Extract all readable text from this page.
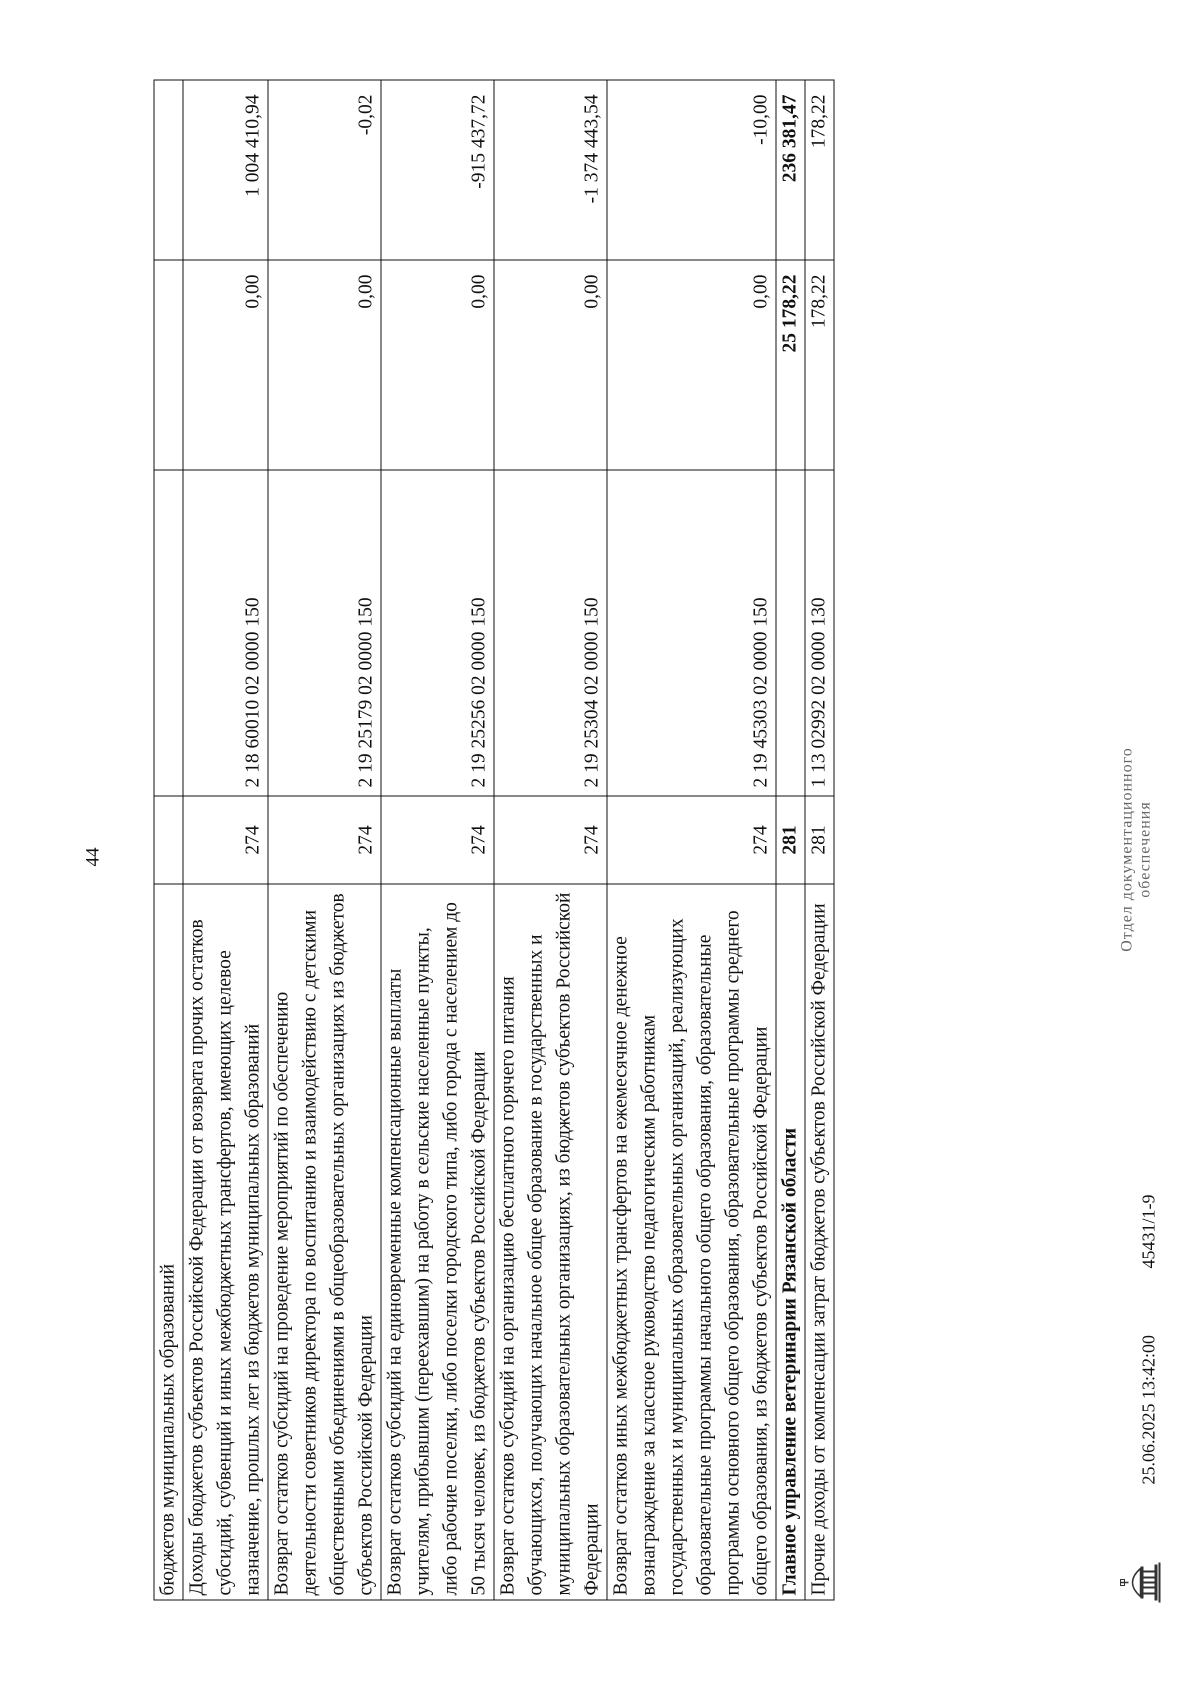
44
бюджетов муниципальных образований				
Доходы бюджетов субъектов Российской Федерации от возврата прочих остатков субсидий, субвенций и иных межбюджетных трансфертов, имеющих целевое назначение, прошлых лет из бюджетов муниципальных образований	274	2 18 60010 02 0000 150	0,00	1 004 410,94
Возврат остатков субсидий на проведение мероприятий по обеспечению деятельности советников директора по воспитанию и взаимодействию с детскими общественными объединениями в общеобразовательных организациях из бюджетов субъектов Российской Федерации	274	2 19 25179 02 0000 150	0,00	-0,02
Возврат остатков субсидий на единовременные компенсационные выплаты учителям, прибывшим (переехавшим) на работу в сельские населенные пункты, либо рабочие поселки, либо поселки городского типа, либо города с населением до 50 тысяч человек, из бюджетов субъектов Российской Федерации	274	2 19 25256 02 0000 150	0,00	-915 437,72
Возврат остатков субсидий на организацию бесплатного горячего питания обучающихся, получающих начальное общее образование в государственных и муниципальных образовательных организациях, из бюджетов субъектов Российской Федерации	274	2 19 25304 02 0000 150	0,00	-1 374 443,54
Возврат остатков иных межбюджетных трансфертов на ежемесячное денежное вознаграждение за классное руководство педагогическим работникам государственных и муниципальных образовательных организаций, реализующих образовательные программы начального общего образования, образовательные программы основного общего образования, образовательные программы среднего общего образования, из бюджетов субъектов Российской Федерации	274	2 19 45303 02 0000 150	0,00	-10,00
Главное управление ветеринарии Рязанской области	281		25 178,22	236 381,47
Прочие доходы от компенсации затрат бюджетов субъектов Российской Федерации	281	1 13 02992 02 0000 130	178,22	178,22
25.06.2025 13:42:00
45431/1-9
Отдел документационного обеспечения
